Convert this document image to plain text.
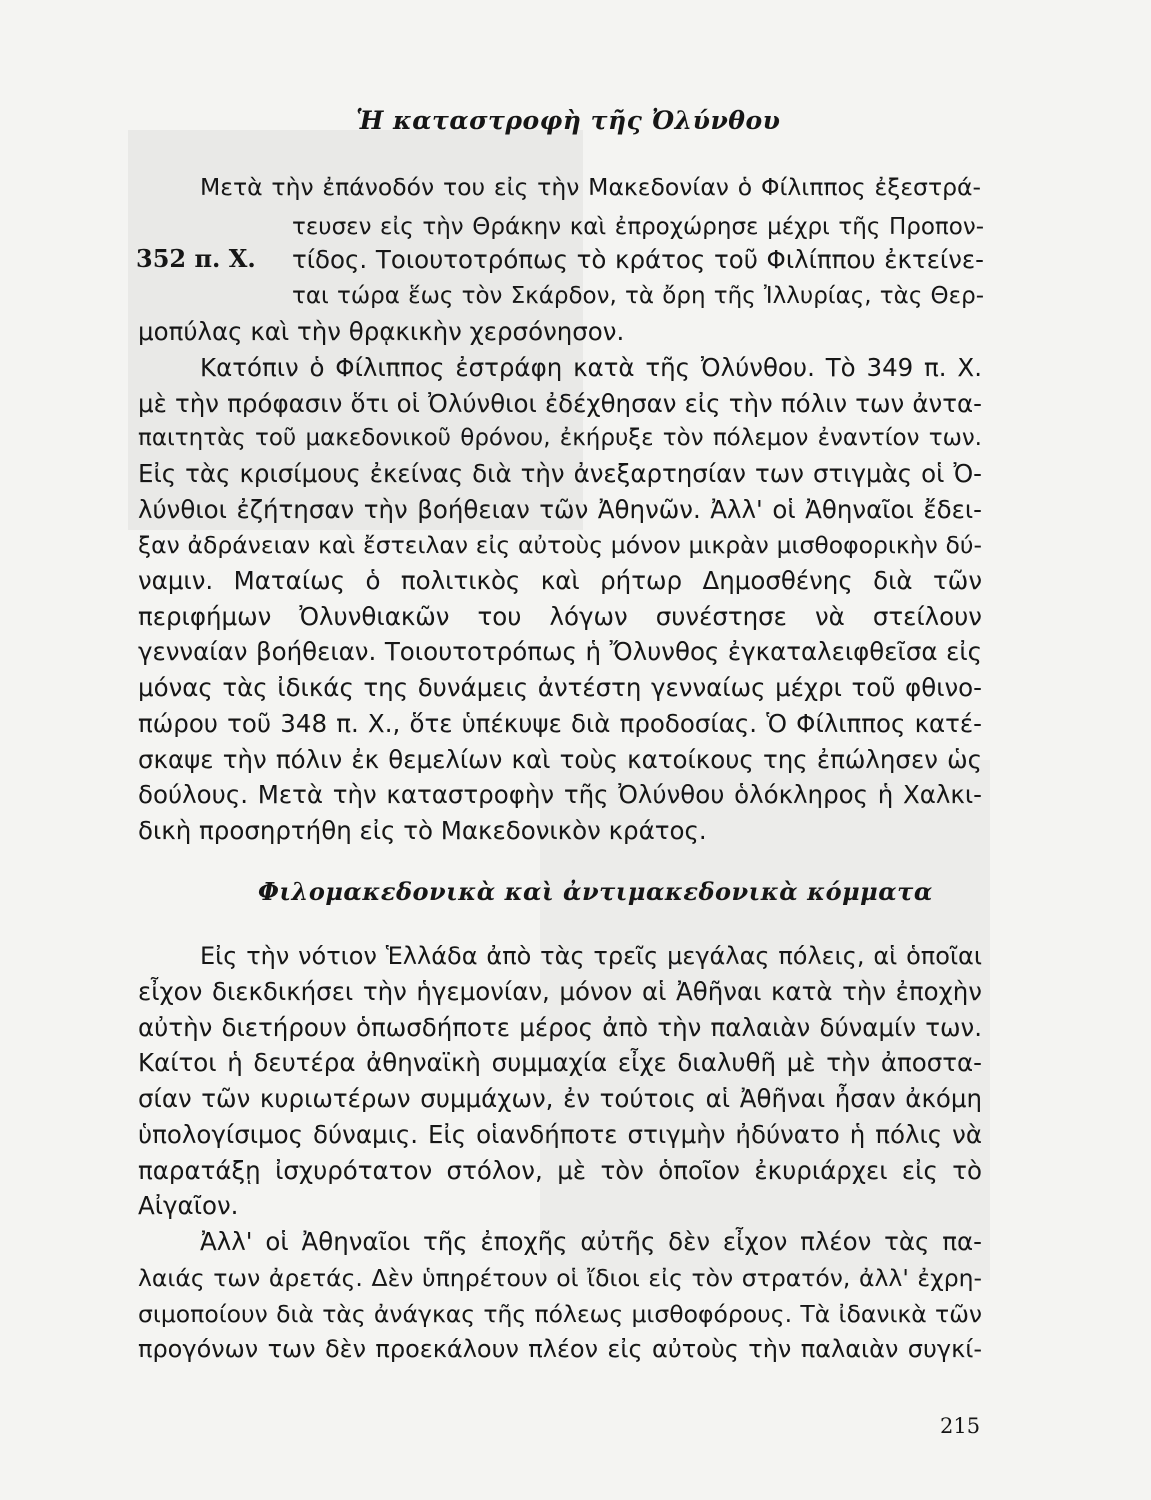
Ἡ καταστροφὴ τῆς Ὀλύνθου
352 π. Χ.

Μετὰ τὴν ἐπάνοδόν του εἰς τὴν Μακεδονίαν ὁ Φίλιππος ἐξεστρά-

τευσεν εἰς τὴν Θράκην καὶ ἐπροχώρησε μέχρι τῆς Προπον-

τίδος. Τοιουτοτρόπως τὸ κράτος τοῦ Φιλίππου ἐκτείνε-

ται τώρα ἕως τὸν Σκάρδον, τὰ ὄρη τῆς Ἰλλυρίας, τὰς Θερ-

μοπύλας καὶ τὴν θρᾳκικὴν χερσόνησον.

Κατόπιν ὁ Φίλιππος ἐστράφη κατὰ τῆς Ὀλύνθου. Τὸ 349 π. Χ.

μὲ τὴν πρόφασιν ὅτι οἱ Ὀλύνθιοι ἐδέχθησαν εἰς τὴν πόλιν των ἀντα-

παιτητὰς τοῦ μακεδονικοῦ θρόνου, ἐκήρυξε τὸν πόλεμον ἐναντίον των.

Εἰς τὰς κρισίμους ἐκείνας διὰ τὴν ἀνεξαρτησίαν των στιγμὰς οἱ Ὀ-

λύνθιοι ἐζήτησαν τὴν βοήθειαν τῶν Ἀθηνῶν. Ἀλλ' οἱ Ἀθηναῖοι ἔδει-

ξαν ἀδράνειαν καὶ ἔστειλαν εἰς αὐτοὺς μόνον μικρὰν μισθοφορικὴν δύ-

ναμιν. Ματαίως ὁ πολιτικὸς καὶ ρήτωρ Δημοσθένης διὰ τῶν

περιφήμων Ὀλυνθιακῶν του λόγων συνέστησε νὰ στείλουν

γενναίαν βοήθειαν. Τοιουτοτρόπως ἡ Ὄλυνθος ἐγκαταλειφθεῖσα εἰς

μόνας τὰς ἰδικάς της δυνάμεις ἀντέστη γενναίως μέχρι τοῦ φθινο-

πώρου τοῦ 348 π. Χ., ὅτε ὑπέκυψε διὰ προδοσίας. Ὁ Φίλιππος κατέ-

σκαψε τὴν πόλιν ἐκ θεμελίων καὶ τοὺς κατοίκους της ἐπώλησεν ὡς

δούλους. Μετὰ τὴν καταστροφὴν τῆς Ὀλύνθου ὁλόκληρος ἡ Χαλκι-

δικὴ προσηρτήθη εἰς τὸ Μακεδονικὸν κράτος.

Φιλομακεδονικὰ καὶ ἀντιμακεδονικὰ κόμματα

Εἰς τὴν νότιον Ἑλλάδα ἀπὸ τὰς τρεῖς μεγάλας πόλεις, αἱ ὁποῖαι

εἶχον διεκδικήσει τὴν ἡγεμονίαν, μόνον αἱ Ἀθῆναι κατὰ τὴν ἐποχὴν

αὐτὴν διετήρουν ὁπωσδήποτε μέρος ἀπὸ τὴν παλαιὰν δύναμίν των.

Καίτοι ἡ δευτέρα ἀθηναϊκὴ συμμαχία εἶχε διαλυθῆ μὲ τὴν ἀποστα-

σίαν τῶν κυριωτέρων συμμάχων, ἐν τούτοις αἱ Ἀθῆναι ἦσαν ἀκόμη

ὑπολογίσιμος δύναμις. Εἰς οἱανδήποτε στιγμὴν ἠδύνατο ἡ πόλις νὰ

παρατάξῃ ἰσχυρότατον στόλον, μὲ τὸν ὁποῖον ἐκυριάρχει εἰς τὸ

Αἰγαῖον.

Ἀλλ' οἱ Ἀθηναῖοι τῆς ἐποχῆς αὐτῆς δὲν εἶχον πλέον τὰς πα-

λαιάς των ἀρετάς. Δὲν ὑπηρέτουν οἱ ἴδιοι εἰς τὸν στρατόν, ἀλλ' ἐχρη-

σιμοποίουν διὰ τὰς ἀνάγκας τῆς πόλεως μισθοφόρους. Τὰ ἰδανικὰ τῶν

προγόνων των δὲν προεκάλουν πλέον εἰς αὐτοὺς τὴν παλαιὰν συγκί-

215
